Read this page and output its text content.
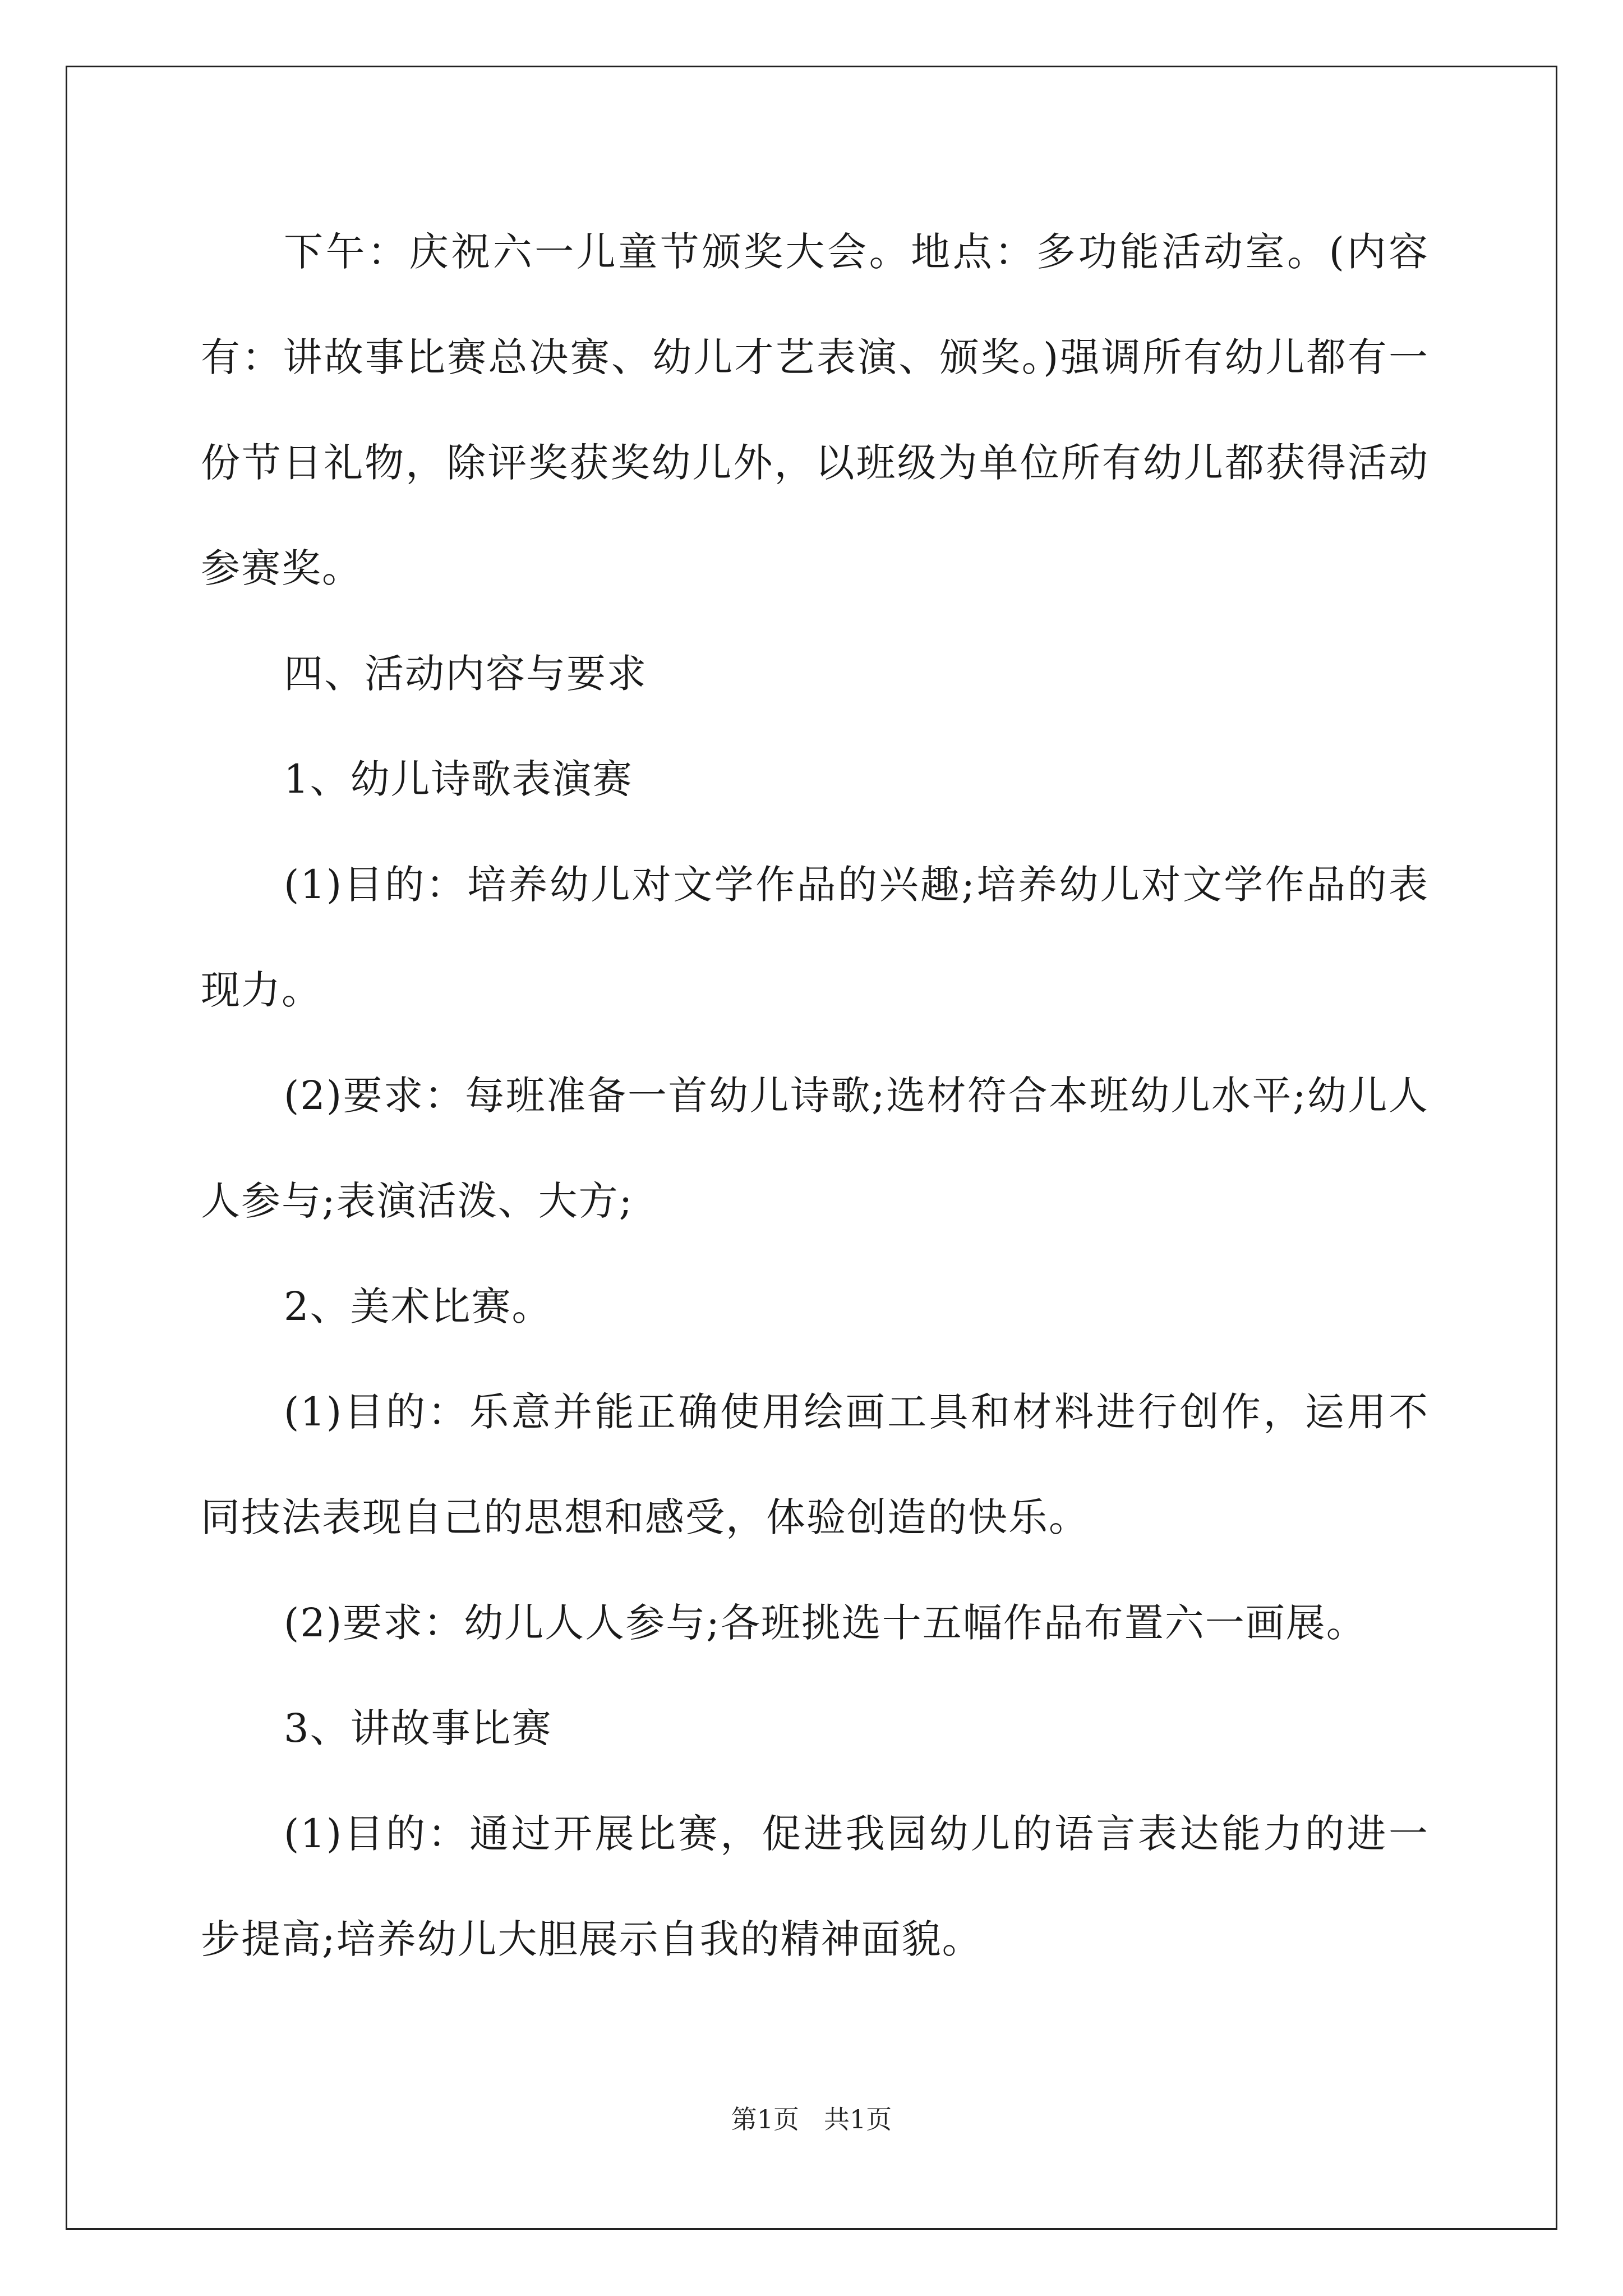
下午：庆祝六一儿童节颁奖大会。地点：多功能活动室。(内容有：讲故事比赛总决赛、幼儿才艺表演、颁奖。)强调所有幼儿都有一份节日礼物，除评奖获奖幼儿外，以班级为单位所有幼儿都获得活动参赛奖。

四、活动内容与要求

1、幼儿诗歌表演赛

(1)目的：培养幼儿对文学作品的兴趣;培养幼儿对文学作品的表现力。

(2)要求：每班准备一首幼儿诗歌;选材符合本班幼儿水平;幼儿人人参与;表演活泼、大方;

2、美术比赛。

(1)目的：乐意并能正确使用绘画工具和材料进行创作，运用不同技法表现自己的思想和感受，体验创造的快乐。

(2)要求：幼儿人人参与;各班挑选十五幅作品布置六一画展。

3、讲故事比赛

(1)目的：通过开展比赛，促进我园幼儿的语言表达能力的进一步提高;培养幼儿大胆展示自我的精神面貌。

第1页 共1页
